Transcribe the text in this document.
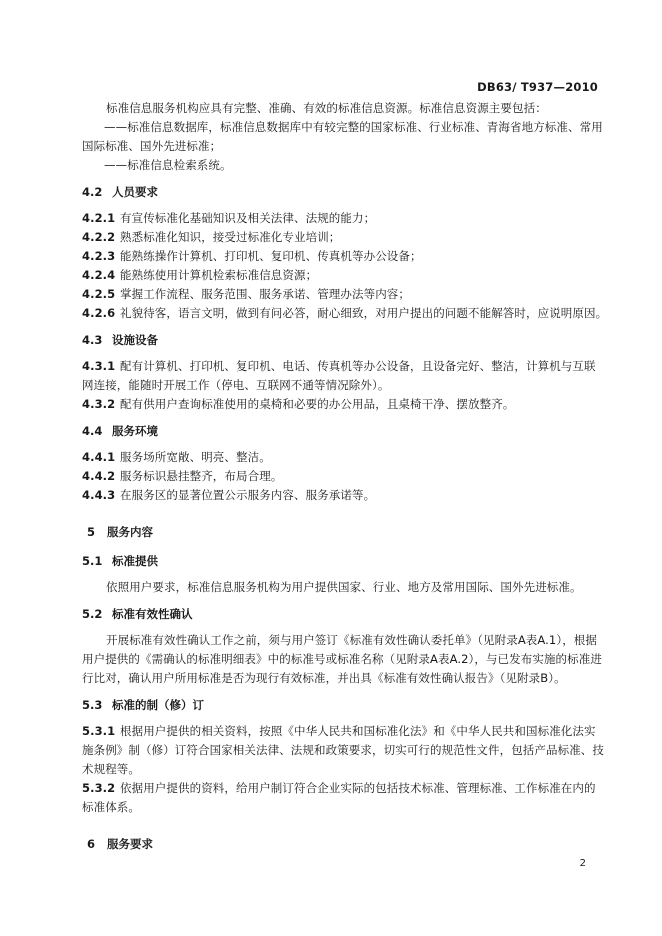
DB63/ T937—2010
标准信息服务机构应具有完整、准确、有效的标准信息资源。标准信息资源主要包括：
——标准信息数据库，标准信息数据库中有较完整的国家标准、行业标准、青海省地方标准、常用
国际标准、国外先进标准；
——标准信息检索系统。
4.2 人员要求
4.2.1 有宣传标准化基础知识及相关法律、法规的能力；
4.2.2 熟悉标准化知识，接受过标准化专业培训；
4.2.3 能熟练操作计算机、打印机、复印机、传真机等办公设备；
4.2.4 能熟练使用计算机检索标准信息资源；
4.2.5 掌握工作流程、服务范围、服务承诺、管理办法等内容；
4.2.6 礼貌待客，语言文明，做到有问必答，耐心细致，对用户提出的问题不能解答时，应说明原因。
4.3 设施设备
4.3.1 配有计算机、打印机、复印机、电话、传真机等办公设备，且设备完好、整洁，计算机与互联
网连接，能随时开展工作（停电、互联网不通等情况除外）。
4.3.2 配有供用户查询标准使用的桌椅和必要的办公用品，且桌椅干净、摆放整齐。
4.4 服务环境
4.4.1 服务场所宽敞、明亮、整洁。
4.4.2 服务标识悬挂整齐，布局合理。
4.4.3 在服务区的显著位置公示服务内容、服务承诺等。
5 服务内容
5.1 标准提供
依照用户要求，标准信息服务机构为用户提供国家、行业、地方及常用国际、国外先进标准。
5.2 标准有效性确认
开展标准有效性确认工作之前，须与用户签订《标准有效性确认委托单》（见附录A表A.1），根据
用户提供的《需确认的标准明细表》中的标准号或标准名称（见附录A表A.2），与已发布实施的标准进
行比对，确认用户所用标准是否为现行有效标准，并出具《标准有效性确认报告》（见附录B）。
5.3 标准的制（修）订
5.3.1 根据用户提供的相关资料，按照《中华人民共和国标准化法》和《中华人民共和国标准化法实
施条例》制（修）订符合国家相关法律、法规和政策要求，切实可行的规范性文件，包括产品标准、技
术规程等。
5.3.2 依据用户提供的资料，给用户制订符合企业实际的包括技术标准、管理标准、工作标准在内的
标准体系。
6 服务要求
2
